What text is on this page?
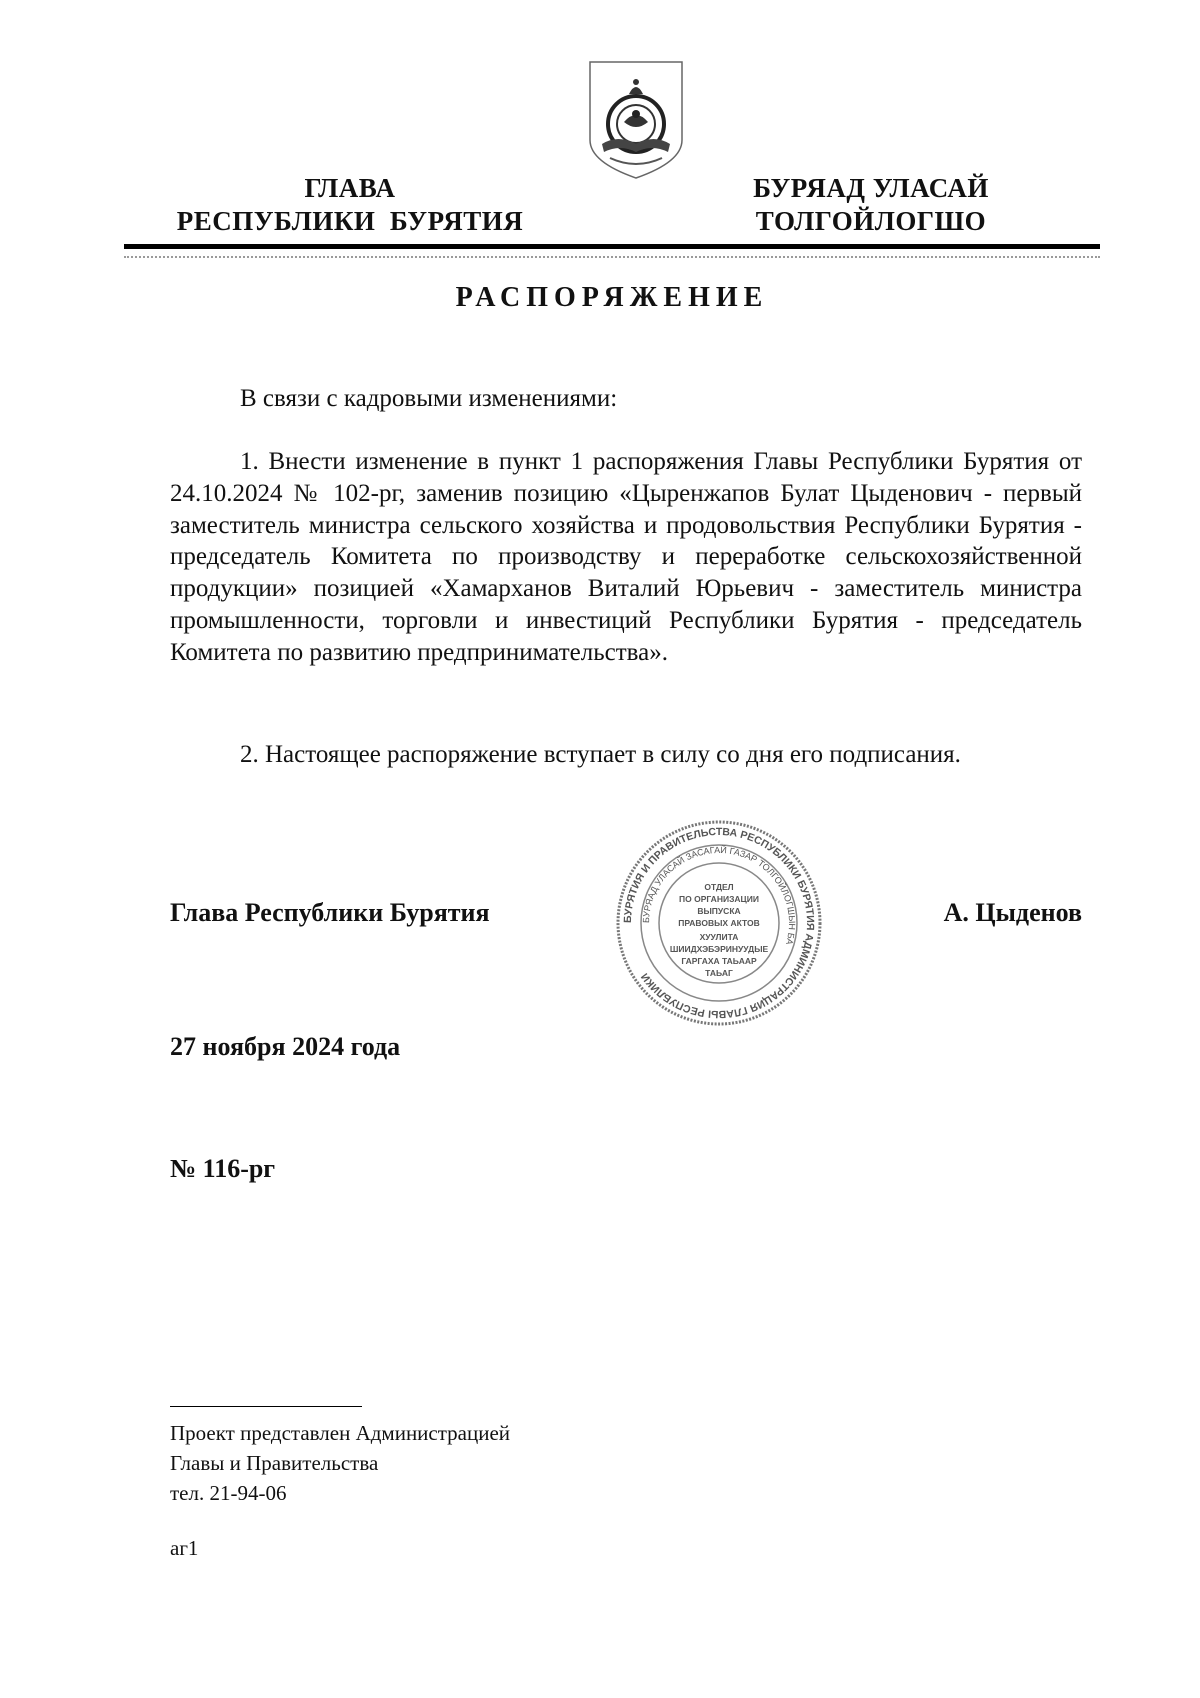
ГЛАВА
РЕСПУБЛИКИ  БУРЯТИЯ
БУРЯАД УЛАСАЙ
ТОЛГОЙЛОГШО
РАСПОРЯЖЕНИЕ
В связи с кадровыми изменениями:
1. Внести изменение в пункт 1 распоряжения Главы Республики Бурятия от 24.10.2024 № 102-рг, заменив позицию «Цыренжапов Булат Цыденович - первый заместитель министра сельского хозяйства и продовольствия Республики Бурятия - председатель Комитета по производству и переработке сельскохозяйственной продукции» позицией «Хамарханов Виталий Юрьевич - заместитель министра промышленности, торговли и инвестиций Республики Бурятия - председатель Комитета по развитию предпринимательства».
2. Настоящее распоряжение вступает в силу со дня его подписания.
Глава Республики Бурятия	БУРЯТИЯ И ПРАВИТЕЛЬСТВА РЕСПУБЛИКИ БУРЯТИЯ АДМИНИСТРАЦИЯ ГЛАВЫ РЕСПУБЛИКИ
БУРЯАД УЛАСАЙ ЗАСАГАЙ ГАЗАР ТОЛГОЙЛОГШЫН БА
ОТДЕЛ
ПО ОРГАНИЗАЦИИ
ВЫПУСКА
ПРАВОВЫХ АКТОВ
ХУУЛИТА
ШИИДХЭБЭРИНУУДЫЕ
ГАРГАХА ТАЬААР
ТАЬАГ
А. Цыденов
27 ноября 2024 года
№ 116-рг
Проект представлен Администрацией
Главы и Правительства
тел. 21-94-06
аг1
